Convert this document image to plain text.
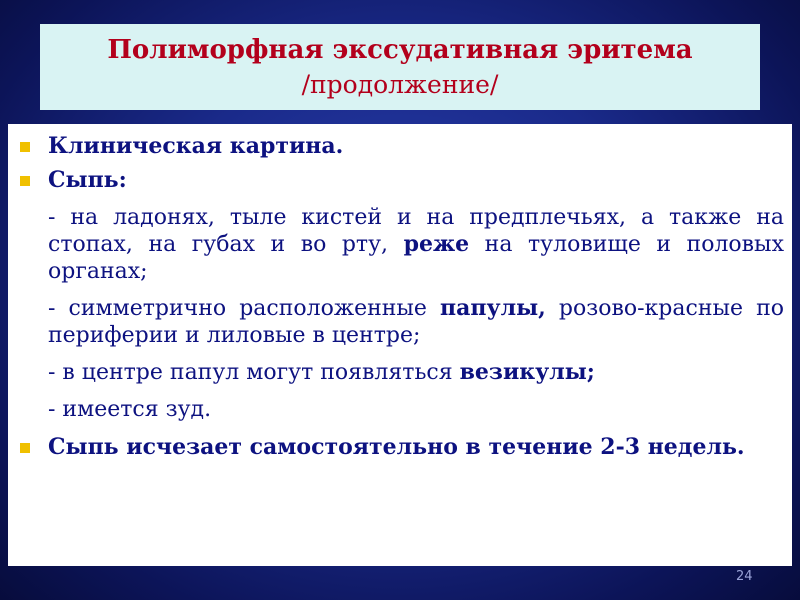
Полиморфная экссудативная эритема
/продолжение/
Клиническая картина.
Сыпь:
- на ладонях, тыле кистей и на предплечьях, а также на стопах, на губах и во рту, реже на туловище и половых органах;
- симметрично расположенные папулы, розово-красные по периферии и лиловые в центре;
- в центре папул могут появляться везикулы;
- имеется зуд.
Сыпь исчезает самостоятельно в течение 2-3 недель.
24
